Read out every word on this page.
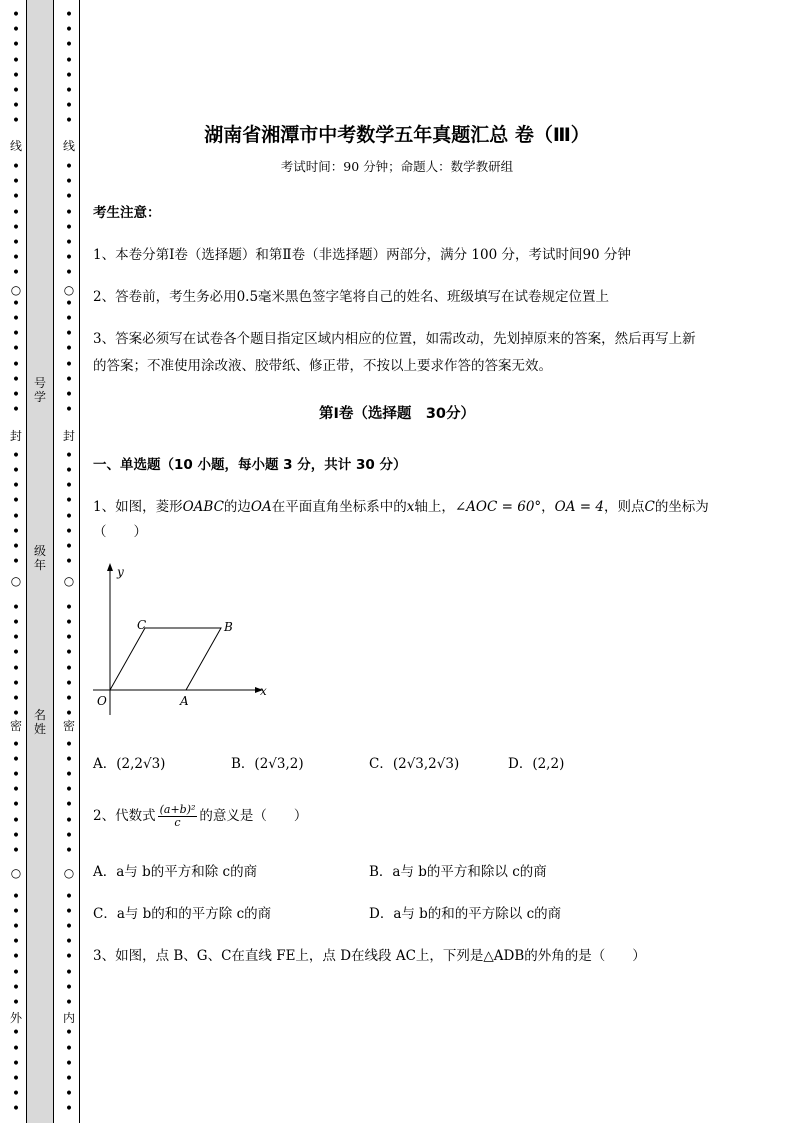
•
•
•
•
•
•
•
•
•
•
•
•
•
•
•
•
•
•
•
•
•
•
•
•
•
•
•
•
•
•
•
•
•
•
•
•
•
•
•
•
•
•
•
•
•
•
•
•
•
•
•
•
•
•
•
•
•
•
•
•
•
•
○
○
○
线
封
密
外
•
•
•
•
•
•
•
•
•
•
•
•
•
•
•
•
•
•
•
•
•
•
•
•
•
•
•
•
•
•
•
•
•
•
•
•
•
•
•
•
•
•
•
•
•
•
•
•
•
•
•
•
•
•
•
•
•
•
•
•
•
•
○
○
○
线
封
密
内
号
学
级
年
名
姓
湖南省湘潭市中考数学五年真题汇总 卷（Ⅲ）
考试时间：90 分钟；命题人：数学教研组
考生注意：
1、本卷分第Ⅰ卷（选择题）和第Ⅱ卷（非选择题）两部分，满分 100 分，考试时间90 分钟
2、答卷前，考生务必用0.5毫米黑色签字笔将自己的姓名、班级填写在试卷规定位置上
3、答案必须写在试卷各个题目指定区域内相应的位置，如需改动，先划掉原来的答案，然后再写上新
的答案；不准使用涂改液、胶带纸、修正带，不按以上要求作答的答案无效。
第Ⅰ卷（选择题　30分）
一、单选题（10 小题，每小题 3 分，共计 30 分）
1、如图，菱形OABC的边OA在平面直角坐标系中的x轴上，∠AOC = 60°，OA = 4，则点C的坐标为
（　　）
y
x
O	A
B
C
A．(2,2√3)	B．(2√3,2)	C．(2√3,2√3)	D．(2,2)
2、代数式 $\frac{\text{(a+b)²}}{c}$ 的意义是（　　）
A．a与 b的平方和除 c的商	B．a与 b的平方和除以 c的商
C．a与 b的和的平方除 c的商	D．a与 b的和的平方除以 c的商
3、如图，点 B、G、C在直线 FE上，点 D在线段 AC上，下列是△ADB的外角的是（　　）
